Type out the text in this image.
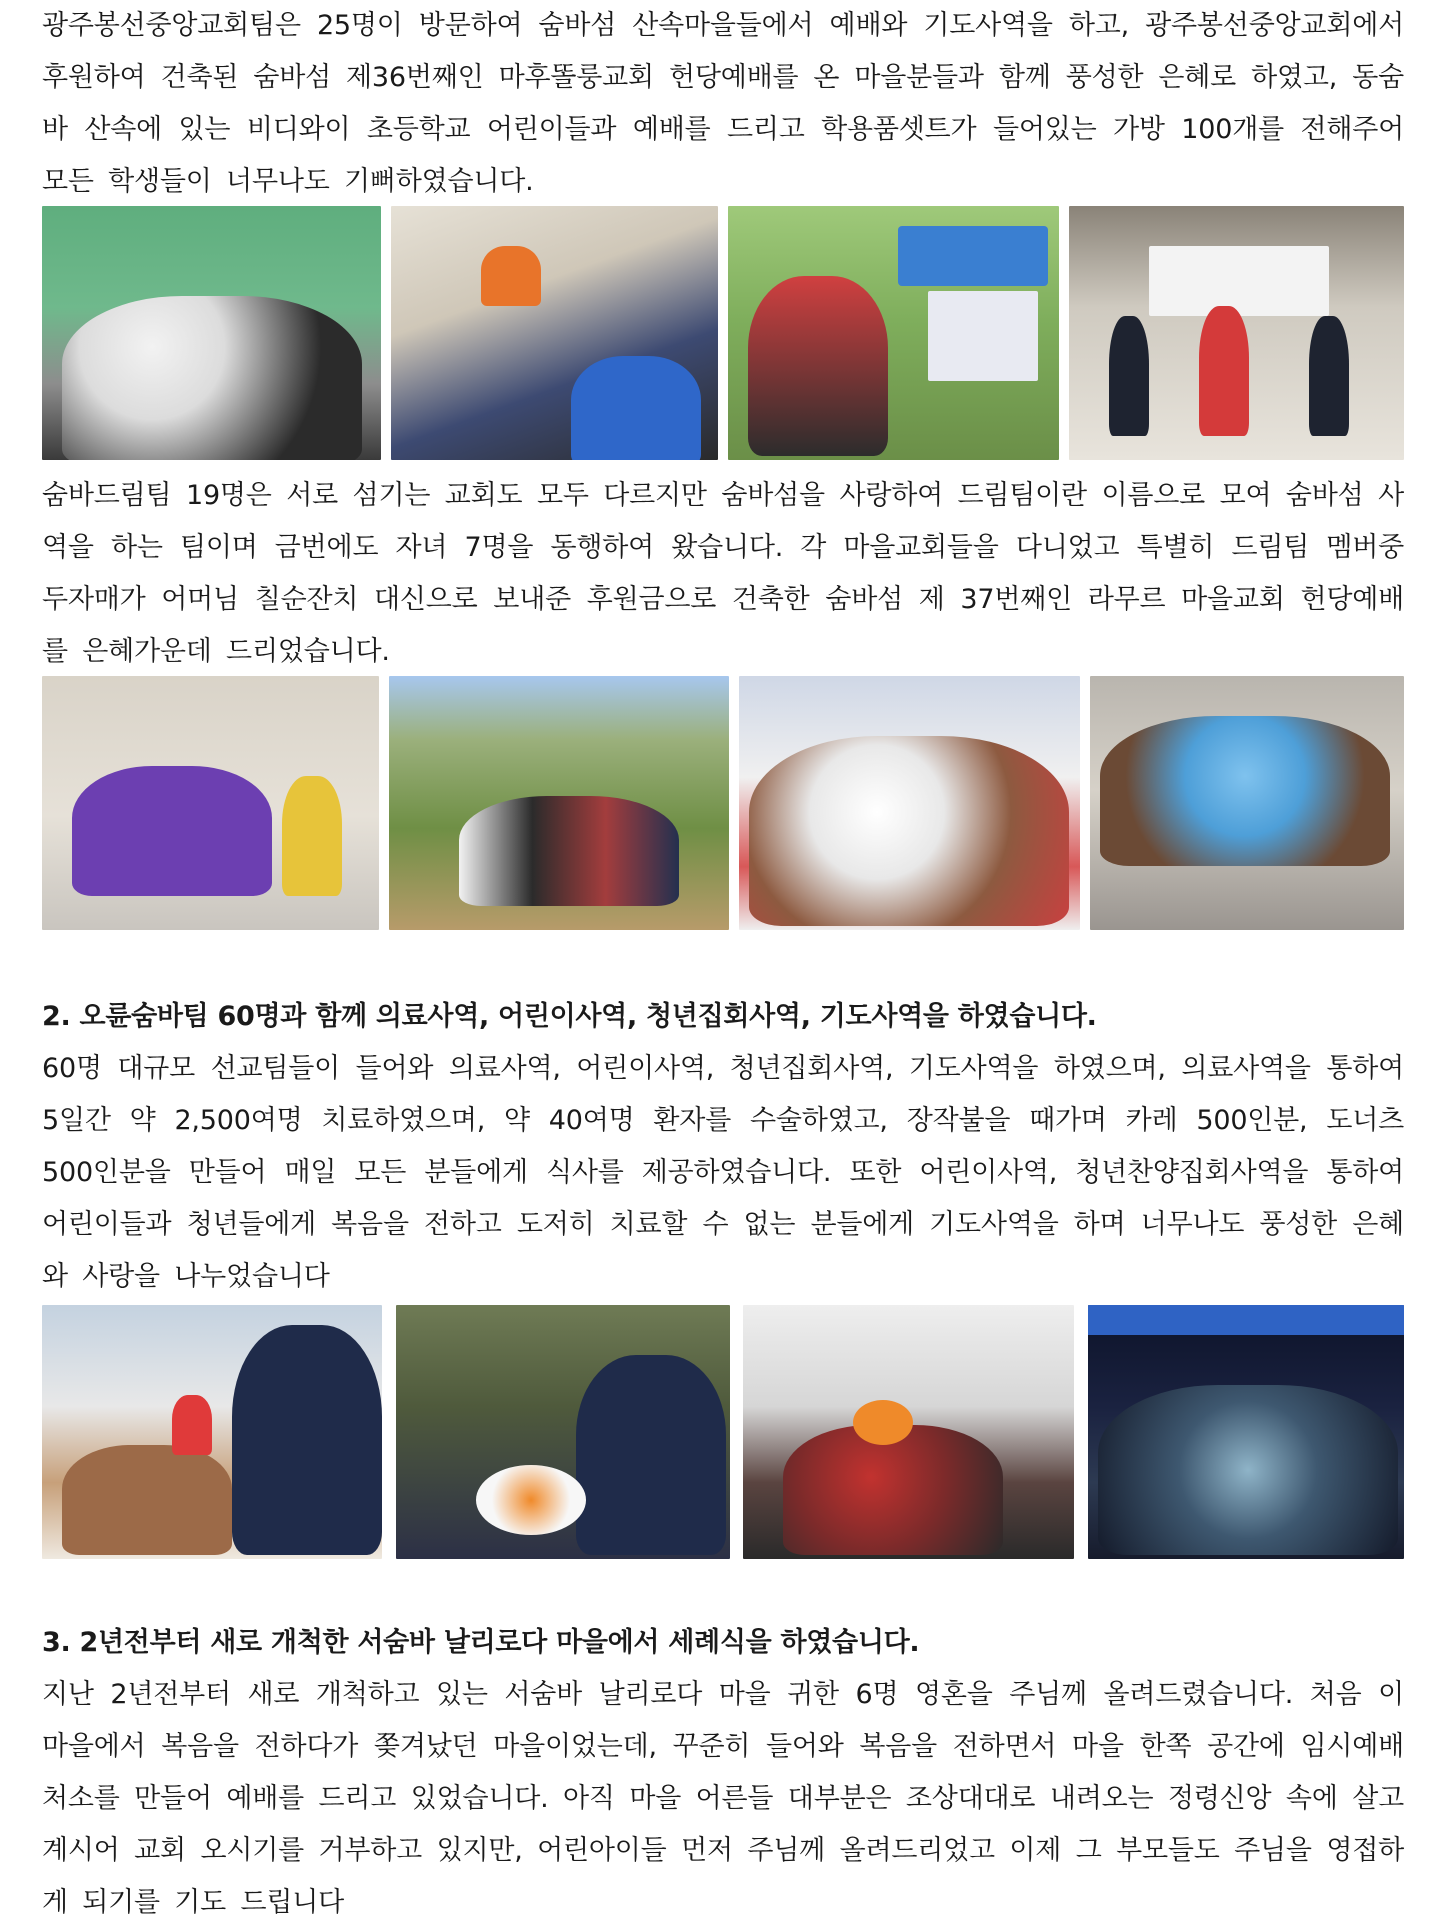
광주봉선중앙교회팀은 25명이 방문하여 숨바섬 산속마을들에서 예배와 기도사역을 하고, 광주봉선중앙교회에서 후원하여 건축된 숨바섬 제36번째인 마후똘룽교회 헌당예배를 온 마을분들과 함께 풍성한 은혜로 하였고, 동숨바 산속에 있는 비디와이 초등학교 어린이들과 예배를 드리고 학용품셋트가 들어있는 가방 100개를 전해주어 모든 학생들이 너무나도 기뻐하였습니다.

숨바드림팀 19명은 서로 섬기는 교회도 모두 다르지만 숨바섬을 사랑하여 드림팀이란 이름으로 모여 숨바섬 사역을 하는 팀이며 금번에도 자녀 7명을 동행하여 왔습니다. 각 마을교회들을 다니었고 특별히 드림팀 멤버중 두자매가 어머님 칠순잔치 대신으로 보내준 후원금으로 건축한 숨바섬 제 37번째인 라무르 마을교회 헌당예배를 은혜가운데 드리었습니다.

2. 오륜숨바팀 60명과 함께 의료사역, 어린이사역, 청년집회사역, 기도사역을 하였습니다.

60명 대규모 선교팀들이 들어와 의료사역, 어린이사역, 청년집회사역, 기도사역을 하였으며, 의료사역을 통하여 5일간 약 2,500여명 치료하였으며, 약 40여명 환자를 수술하였고, 장작불을 때가며 카레 500인분, 도너츠 500인분을 만들어 매일 모든 분들에게 식사를 제공하였습니다. 또한 어린이사역, 청년찬양집회사역을 통하여 어린이들과 청년들에게 복음을 전하고 도저히 치료할 수 없는 분들에게 기도사역을 하며 너무나도 풍성한 은혜와 사랑을 나누었습니다

3. 2년전부터 새로 개척한 서숨바 날리로다 마을에서 세례식을 하였습니다.

지난 2년전부터 새로 개척하고 있는 서숨바 날리로다 마을 귀한 6명 영혼을 주님께 올려드렸습니다. 처음 이 마을에서 복음을 전하다가 쫒겨났던 마을이었는데, 꾸준히 들어와 복음을 전하면서 마을 한쪽 공간에 임시예배처소를 만들어 예배를 드리고 있었습니다. 아직 마을 어른들 대부분은 조상대대로 내려오는 정령신앙 속에 살고 계시어 교회 오시기를 거부하고 있지만, 어린아이들 먼저 주님께 올려드리었고 이제 그 부모들도 주님을 영접하게 되기를 기도 드립니다
